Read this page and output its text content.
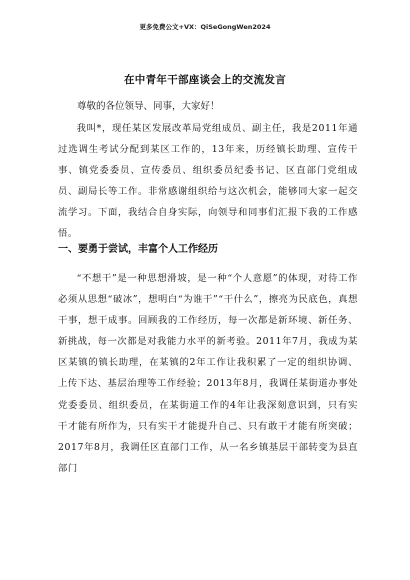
更多免费公文+VX：QiSeGongWen2024
在中青年干部座谈会上的交流发言
尊敬的各位领导、同事，大家好！

我叫*，现任某区发展改革局党组成员、副主任，我是2011年通过选调生考试分配到某区工作的，13年来，历经镇长助理、宣传干事、镇党委委员、宣传委员、组织委员纪委书记、区直部门党组成员、副局长等工作。非常感谢组织给与这次机会，能够同大家一起交流学习。下面，我结合自身实际，向领导和同事们汇报下我的工作感悟。

一、要勇于尝试，丰富个人工作经历

“不想干”是一种思想滑坡，是一种“个人意愿”的体现，对待工作必须从思想“破冰”，想明白“为谁干”“干什么”，擦亮为民底色，真想干事，想干成事。回顾我的工作经历，每一次都是新环境、新任务、新挑战，每一次都是对我能力水平的新考验。2011年7月，我成为某区某镇的镇长助理，在某镇的2年工作让我积累了一定的组织协调、上传下达、基层治理等工作经验；2013年8月，我调任某街道办事处党委委员、组织委员，在某街道工作的4年让我深刻意识到，只有实干才能有所作为，只有实干才能提升自己、只有敢干才能有所突破；2017年8月，我调任区直部门工作，从一名乡镇基层干部转变为县直部门
